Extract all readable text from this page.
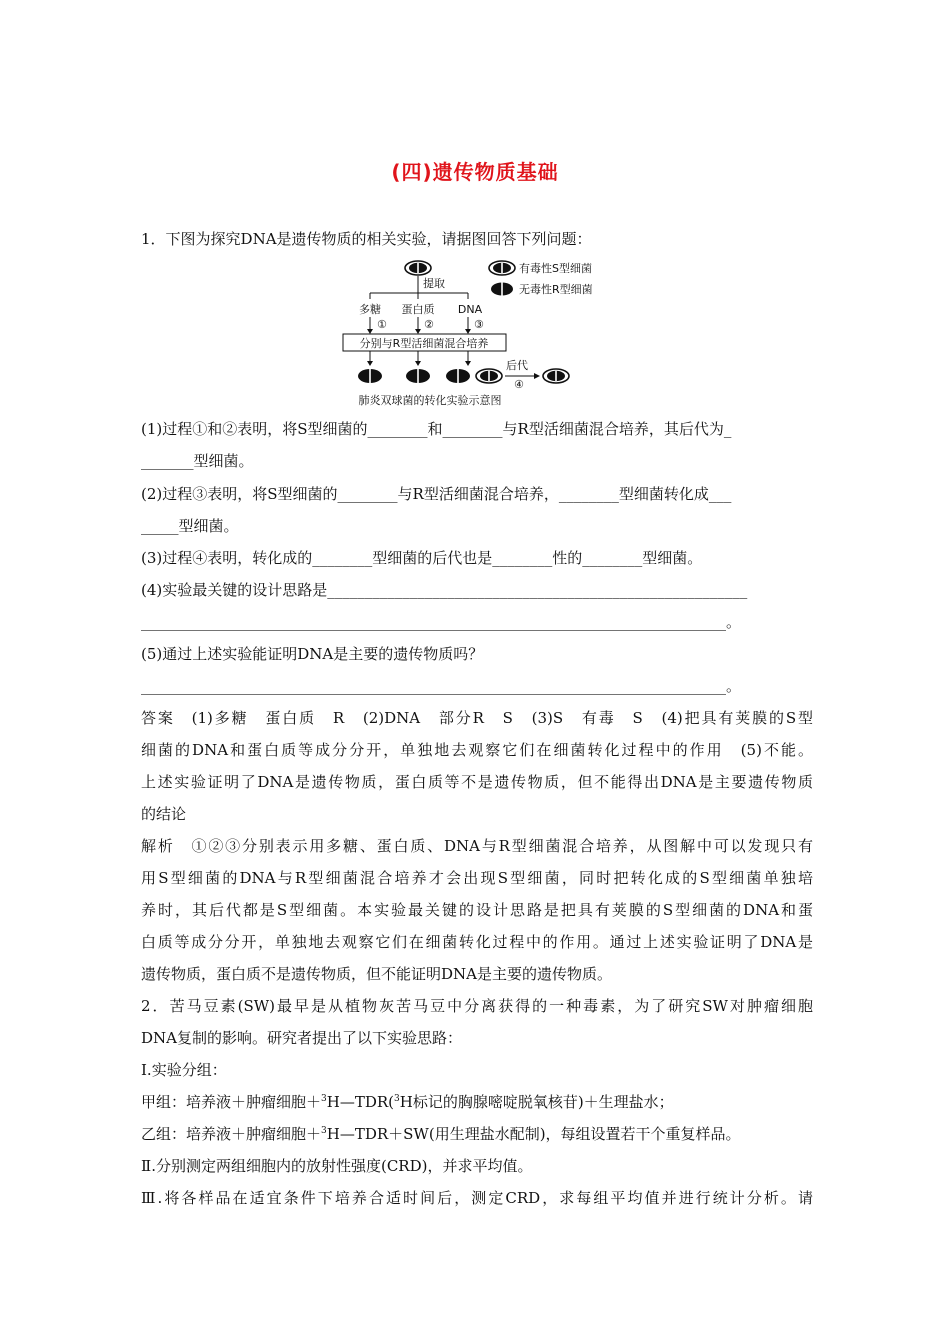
(四)遗传物质基础
1．下图为探究DNA是遗传物质的相关实验，请据图回答下列问题：
有毒性S型细菌
无毒性R型细菌
提取
多糖 蛋白质 DNA
①	②	③
分别与R型活细菌混合培养
后代
④
肺炎双球菌的转化实验示意图
(1)过程①和②表明，将S型细菌的________和________与R型活细菌混合培养，其后代为_
_______型细菌。
(2)过程③表明，将S型细菌的________与R型活细菌混合培养，________型细菌转化成___
_____型细菌。
(3)过程④表明，转化成的________型细菌的后代也是________性的________型细菌。
(4)实验最关键的设计思路是________________________________________________________
______________________________________________________________________________。
(5)通过上述实验能证明DNA是主要的遗传物质吗？
______________________________________________________________________________。
答案　(1)多糖　蛋白质　R　(2)DNA　部分R　S　(3)S　有毒　S　(4)把具有荚膜的S型
细菌的DNA和蛋白质等成分分开，单独地去观察它们在细菌转化过程中的作用　(5)不能。
上述实验证明了DNA是遗传物质，蛋白质等不是遗传物质，但不能得出DNA是主要遗传物质
的结论
解析　①②③分别表示用多糖、蛋白质、DNA与R型细菌混合培养，从图解中可以发现只有
用S型细菌的DNA与R型细菌混合培养才会出现S型细菌，同时把转化成的S型细菌单独培
养时，其后代都是S型细菌。本实验最关键的设计思路是把具有荚膜的S型细菌的DNA和蛋
白质等成分分开，单独地去观察它们在细菌转化过程中的作用。通过上述实验证明了DNA是
遗传物质，蛋白质不是遗传物质，但不能证明DNA是主要的遗传物质。
2．苦马豆素(SW)最早是从植物灰苦马豆中分离获得的一种毒素，为了研究SW对肿瘤细胞
DNA复制的影响。研究者提出了以下实验思路：
Ⅰ.实验分组：
甲组：培养液＋肿瘤细胞＋$^3$H—TDR($^3$H标记的胸腺嘧啶脱氧核苷)＋生理盐水；
乙组：培养液＋肿瘤细胞＋$^3$H—TDR＋SW(用生理盐水配制)，每组设置若干个重复样品。
Ⅱ.分别测定两组细胞内的放射性强度(CRD)，并求平均值。
Ⅲ.将各样品在适宜条件下培养合适时间后，测定CRD，求每组平均值并进行统计分析。请
